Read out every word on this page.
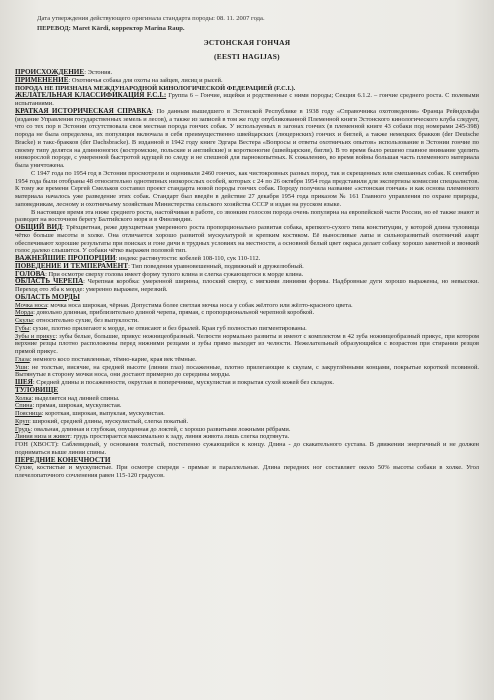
Дата утверждения действующего оригинала стандарта породы: 08. 11. 2007 года.

ПЕРЕВОД: Maret Kärdi, корректор Marina Raup.

ЭСТОНСКАЯ ГОНЧАЯ
(EESTI HAGIJAS)

ПРОИСХОЖДЕНИЕ: Эстония.

ПРИМЕНЕНИЕ: Охотничья собака для охоты на зайцев, лисиц и рысей.

ПОРОДА НЕ ПРИЗНАНА МЕЖДУНАРОДНОЙ КИНОЛОГИЧЕСКОЙ ФЕДЕРАЦИЕЙ (F.C.I.).

ЖЕЛАТЕЛЬНАЯ КЛАССИФИКАЦИЯ F.C.I.: Группа 6 – Гончие, ищейки и родственные с ними породы; Секция 6.1.2. – гончие среднего роста. С полевыми испытаниями.

КРАТКАЯ ИСТОРИЧЕСКАЯ СПРАВКА: По данным вышедшего в Эстонской Республике в 1938 году «Справочника охотоведения» Франца Рейндольфа (издание Управления государственных земель и лесов), а также из записей в том же году опубликованной Племенной книги Эстонского кинологического клуба следует, что со тех пор в Эстонии отсутствовала своя местная порода гончих собак. У используемых в загонах гончих (в племенной книге 43 собаки под номерами 245-398) порода не была определена, их популяция включала в себя преимущественно швейцарских (люцернских) гончих и биглей, а также немецких бракков (der Deutsche Bracke) и такс-бракков (der Dachsbracke). В изданной в 1942 году книге Эдгара Вестера «Вопросы и ответы охотничьих опытов» использование в Эстонии гончие по своему типу делятся на длинноногих (костромские, польские и английские) и коротконогие (швейцарские, бигли). В то время было решено главное внимание уделить низкорослой породе, с умеренной быстротой идущей по следу и не спешной для парнокопытных. К сожалению, во время войны большая часть племенного материала была уничтожена.

С 1947 года по 1954 год в Эстонии просмотрели и оценивали 2460 гончих, как чистокровных разных пород, так и скрещенных или смешанных собак. К сентябрю 1954 года были отобраны 48 относительно однотипных низкорослых особей, которых с 24 по 26 октября 1954 года представили для экспертизы комиссии специалистов. К тому же времени Сергей Смельков составил проект стандарта новой породы гончих собак. Породу получила название «эстонская гончая» и как основа племенного материала началось уже разведение этих собак. Стандарт был введён в действие 27 декабря 1954 года приказом № 161 Главного управления по охране природы, заповедникам, лесному и охотничьему хозяйствам Министерства сельского хозяйства СССР и издан на русском языке.

В настоящее время эта ниже среднего роста, настойчивая в работе, со звонким голосом порода очень популярна на европейской части России, но её также знают и разводят на восточном берегу Балтийского моря и в Финляндии.

ОБЩИЙ ВИД: Трёхцветная, реже двухцветная умеренного роста пропорционально развитая собака, крепкого-сухого типа конституции, у которой длина туловища чётко больше высоты в холке. Она отличается хорошо развитой мускулатурой и крепким костяком. Её вынoсливые лапы и сильноразвитый охотничий азарт обеспечивают хорошие результаты при поисках и гоне дичи в трудных условиях на местности, а основной белый цвет окраса делает собаку хорошо заметной и звонкий голос далеко слышится. У собаки чётко выражен половой тип.

ВАЖНЕЙШИЕ ПРОПОРЦИИ: индекс растянутости: кобелей 108-110, сук 110-112.

ПОВЕДЕНИЕ И ТЕМПЕРАМЕНТ: Тип поведения уравновешенный, подвижный и дружелюбный.

ГОЛОВА: При осмотре сверху голова имеет форму тупого клина и слегка сужающегося к морде клина.

ОБЛАСТЬ ЧЕРЕПА: Черепная коробка: умеренной ширины, плоский сверху, с мягкими линиями формы. Надбровные дуги хорошо выражены, но невысоки. Переход ото лба к морде: умеренно выражен, нерезкий.

ОБЛАСТЬ МОРДЫ

Мочка носа: мочка носа широкая, чёрная. Допустима более светлая мочка носа у собак жёлтого или жёлто-красного цвета.

Морда: довольно длинная, приблизительно длиной черепа, прямая, с пропорциональной черепной коробкой.

Скулы: относительно сухие, без выпуклости.

Губы: сухие, плотно прилегают к морде, не отвисают и без брылей. Края губ полностью пигментированы.

Зубы и прикус: зубы белые, большие, прикус ножницеобразный. Челюсти нормально развиты и имеют с комплектом в 42 зуба ножницеобразный прикус, при котором верхние резцы плотно расположены перед нижними резцами и зубы прямо выходят из челюсти. Нежелательный образующийся с возрастом при стирании резцов прямой прикус.

Глаза: немного косо поставленные, тёмно-карие, края век тёмные.

Уши: не толстые, висячие, на средней высоте (линии глаз) посаженные, плотно прилегающие к скулам, с закруглёнными концами, покрытые короткой псовиной. Вытянутые в сторону мочки носа, они достают примерно до середины морды.

ШЕЯ: Средней длины и посаженности, округлая в поперечнике, мускулистая и покрытая сухой кожей без складок.

ТУЛОВИЩЕ

Холка: выделяется над линией спины.

Спина: прямая, широкая, мускулистая.

Поясница: короткая, широкая, выпуклая, мускулистая.

Круп: широкий, средней длины, мускулистый, слегка покатый.

Грудь: овальная, длинная и глубокая, опущенная до локтей, с хорошо развитыми ложными рёбрами.

Линия низа и живот: грудь простирается максимально к заду, линия живота лишь слегка подтянута.

ГОН (ХВОСТ): Саблевидный, у основания толстый, постепенно сужающийся к концу. Длина - до скакательного сустава. В движении энергичный и не должен подниматься выше линии спины.

ПЕРЕДНИЕ КОНЕЧНОСТИ

Сухие, костистые и мускулистые. При осмотре спереди - прямые и параллельные. Длина передних ног составляет около 50% высоты собаки в холке. Угол плечелопаточного сочленения равен 115-120 градусов.
